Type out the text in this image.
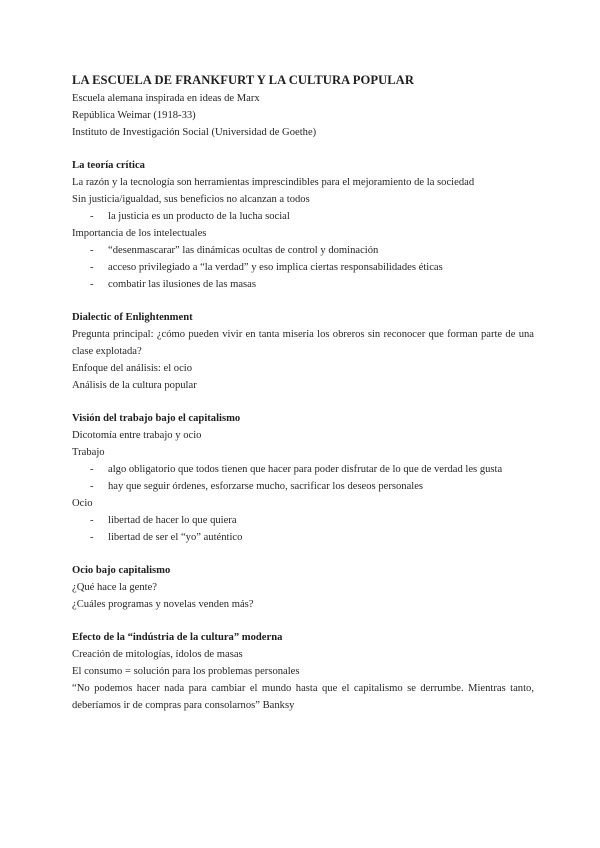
LA ESCUELA DE FRANKFURT Y LA CULTURA POPULAR
Escuela alemana inspirada en ideas de Marx
República Weimar (1918-33)
Instituto de Investigación Social (Universidad de Goethe)
La teoría crítica
La razón y la tecnología son herramientas imprescindibles para el mejoramiento de la sociedad
Sin justicia/igualdad, sus beneficios no alcanzan a todos
- la justicia es un producto de la lucha social
Importancia de los intelectuales
- “desenmascarar” las dinámicas ocultas de control y dominación
- acceso privilegiado a “la verdad” y eso implica ciertas responsabilidades éticas
- combatir las ilusiones de las masas
Dialectic of Enlightenment
Pregunta principal: ¿cómo pueden vivir en tanta miseria los obreros sin reconocer que forman parte de una clase explotada?
Enfoque del análisis: el ocio
Análisis de la cultura popular
Visión del trabajo bajo el capitalismo
Dicotomía entre trabajo y ocio
Trabajo
- algo obligatorio que todos tienen que hacer para poder disfrutar de lo que de verdad les gusta
- hay que seguir órdenes, esforzarse mucho, sacrificar los deseos personales
Ocio
- libertad de hacer lo que quiera
- libertad de ser el “yo” auténtico
Ocio bajo capitalismo
¿Qué hace la gente?
¿Cuáles programas y novelas venden más?
Efecto de la “indústria de la cultura” moderna
Creación de mitologías, ídolos de masas
El consumo = solución para los problemas personales
“No podemos hacer nada para cambiar el mundo hasta que el capitalismo se derrumbe. Mientras tanto, deberíamos ir de compras para consolarnos” Banksy
